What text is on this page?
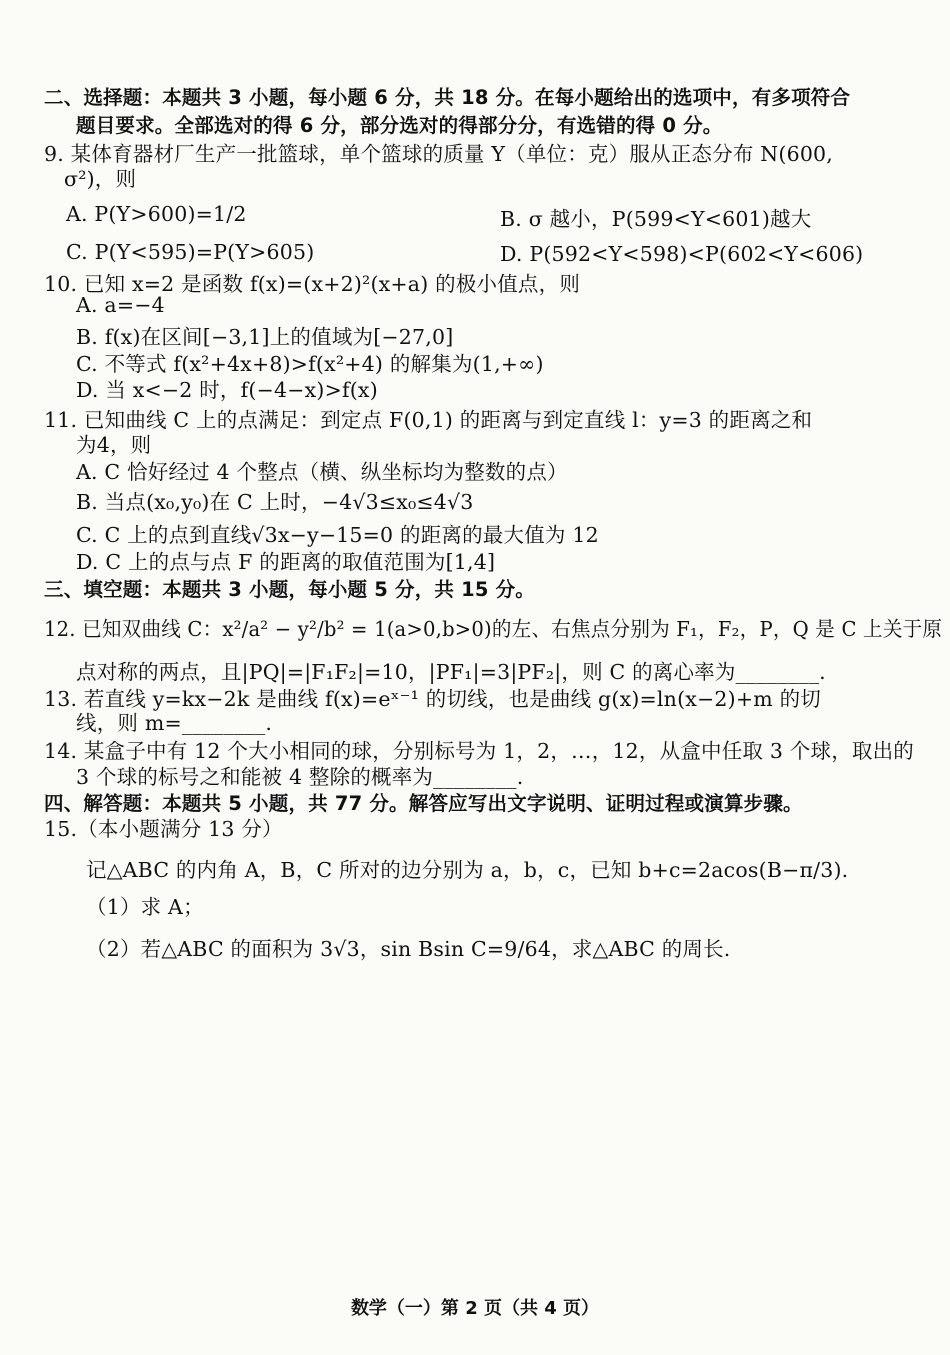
二、选择题：本题共 3 小题，每小题 6 分，共 18 分。在每小题给出的选项中，有多项符合
题目要求。全部选对的得 6 分，部分选对的得部分分，有选错的得 0 分。
9. 某体育器材厂生产一批篮球，单个篮球的质量 Y（单位：克）服从正态分布 N(600,
σ²)，则
A. P(Y>600)=1/2	B. σ 越小，P(599<Y<601)越大
C. P(Y<595)=P(Y>605)	D. P(592<Y<598)<P(602<Y<606)
10. 已知 x=2 是函数 f(x)=(x+2)²(x+a) 的极小值点，则
A. a=−4
B. f(x)在区间[−3,1]上的值域为[−27,0]
C. 不等式 f(x²+4x+8)>f(x²+4) 的解集为(1,+∞)
D. 当 x<−2 时，f(−4−x)>f(x)
11. 已知曲线 C 上的点满足：到定点 F(0,1) 的距离与到定直线 l：y=3 的距离之和
为4，则
A. C 恰好经过 4 个整点（横、纵坐标均为整数的点）
B. 当点(x₀,y₀)在 C 上时，−4√3≤x₀≤4√3
C. C 上的点到直线√3x−y−15=0 的距离的最大值为 12
D. C 上的点与点 F 的距离的取值范围为[1,4]
三、填空题：本题共 3 小题，每小题 5 分，共 15 分。
12. 已知双曲线 C：x²/a² − y²/b² = 1(a>0,b>0)的左、右焦点分别为 F₁，F₂，P，Q 是 C 上关于原
点对称的两点，且|PQ|=|F₁F₂|=10，|PF₁|=3|PF₂|，则 C 的离心率为________.
13. 若直线 y=kx−2k 是曲线 f(x)=eˣ⁻¹ 的切线，也是曲线 g(x)=ln(x−2)+m 的切
线，则 m=________.
14. 某盒子中有 12 个大小相同的球，分别标号为 1，2，…，12，从盒中任取 3 个球，取出的
3 个球的标号之和能被 4 整除的概率为________.
四、解答题：本题共 5 小题，共 77 分。解答应写出文字说明、证明过程或演算步骤。
15.（本小题满分 13 分）
记△ABC 的内角 A，B，C 所对的边分别为 a，b，c，已知 b+c=2acos(B−π/3).
（1）求 A；
（2）若△ABC 的面积为 3√3，sin Bsin C=9/64，求△ABC 的周长.
数学（一）第 2 页（共 4 页）
